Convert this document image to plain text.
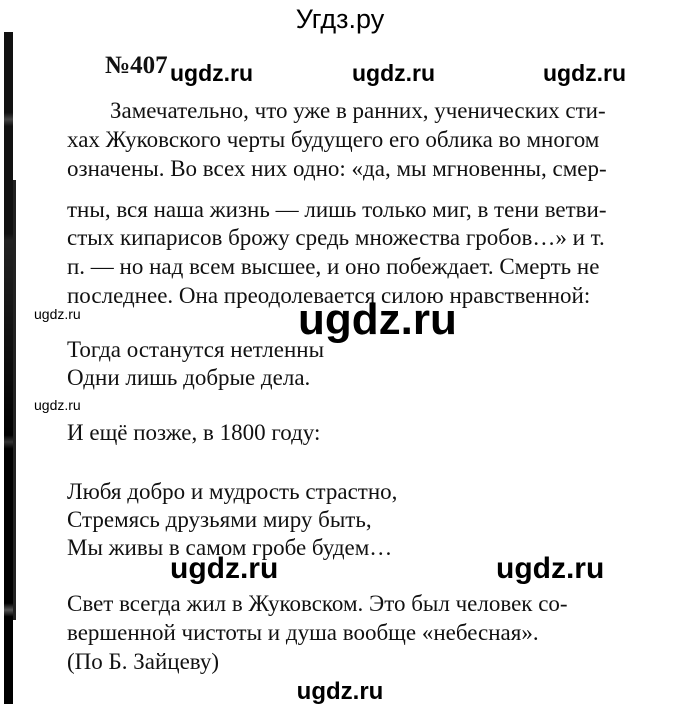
Угдз.ру
№407 ugdz.ru	ugdz.ru	ugdz.ru
Замечательно, что уже в ранних, ученических сти-
хах Жуковского черты будущего его облика во многом
означены. Во всех них одно: «да, мы мгновенны, смер-
тны, вся наша жизнь — лишь только миг, в тени ветви-
стых кипарисов брожу средь множества гробов…» и т.
п. — но над всем высшее, и оно побеждает. Смерть не
последнее. Она преодолевается силою нравственной:
ugdz.ru	ugdz.ru
Тогда останутся нетленны
Одни лишь добрые дела.
ugdz.ru
И ещё позже, в 1800 году:
Любя добро и мудрость страстно,
Стремясь друзьями миру быть,
Мы живы в самом гробе будем…
ugdz.ru	ugdz.ru
Свет всегда жил в Жуковском. Это был человек со-
вершенной чистоты и душа вообще «небесная».
(По Б. Зайцеву)
ugdz.ru
